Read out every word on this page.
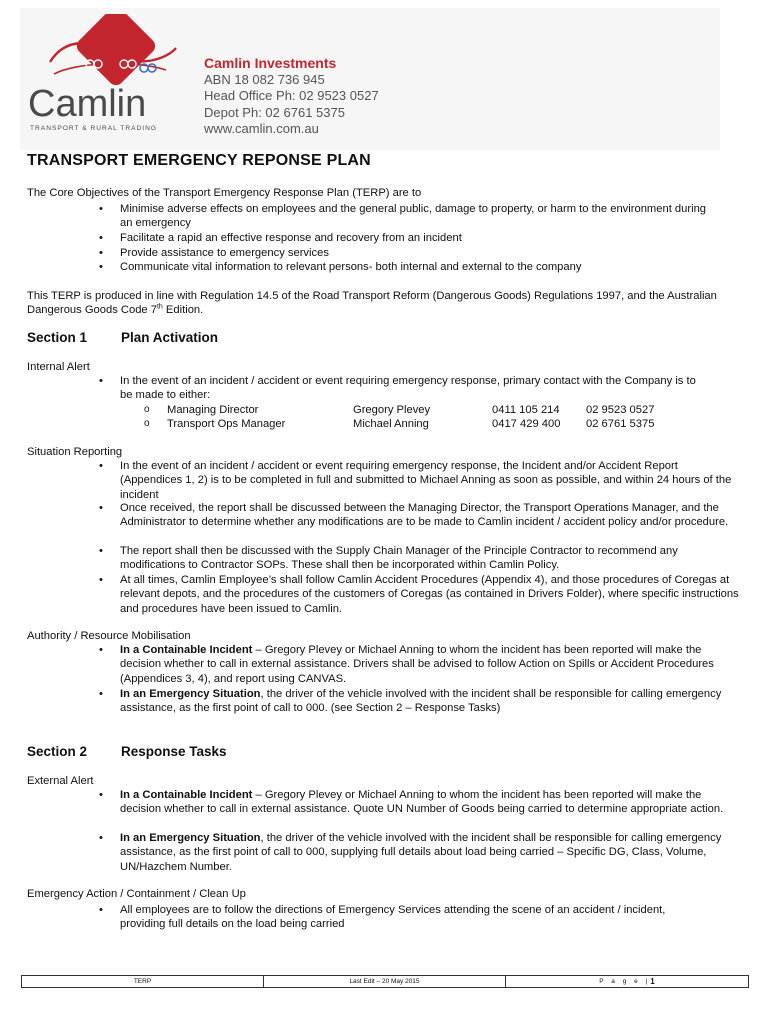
Camlin
TRANSPORT & RURAL TRADING
Camlin Investments
ABN 18 082 736 945
Head Office Ph: 02 9523 0527
Depot Ph: 02 6761 5375
www.camlin.com.au
TRANSPORT EMERGENCY REPONSE PLAN
The Core Objectives of the Transport Emergency Response Plan (TERP) are to
• Minimise adverse effects on employees and the general public, damage to property, or harm to the environment during an emergency
• Facilitate a rapid an effective response and recovery from an incident
• Provide assistance to emergency services
• Communicate vital information to relevant persons- both internal and external to the company
This TERP is produced in line with Regulation 14.5 of the Road Transport Reform (Dangerous Goods) Regulations 1997, and the Australian Dangerous Goods Code 7th Edition.
Section 1	Plan Activation
Internal Alert
• In the event of an incident / accident or event requiring emergency response, primary contact with the Company is to be made to either:
o Managing Director	Gregory Plevey	0411 105 214 02 9523 0527
o Transport Ops Manager	Michael Anning	0417 429 400 02 6761 5375
Situation Reporting
• In the event of an incident / accident or event requiring emergency response, the Incident and/or Accident Report (Appendices 1, 2) is to be completed in full and submitted to Michael Anning as soon as possible, and within 24 hours of the incident
• Once received, the report shall be discussed between the Managing Director, the Transport Operations Manager, and the Administrator to determine whether any modifications are to be made to Camlin incident / accident policy and/or procedure.
• The report shall then be discussed with the Supply Chain Manager of the Principle Contractor to recommend any modifications to Contractor SOPs. These shall then be incorporated within Camlin Policy.
• At all times, Camlin Employee’s shall follow Camlin Accident Procedures (Appendix 4), and those procedures of Coregas at relevant depots, and the procedures of the customers of Coregas (as contained in Drivers Folder), where specific instructions and procedures have been issued to Camlin.
Authority / Resource Mobilisation
• In a Containable Incident – Gregory Plevey or Michael Anning to whom the incident has been reported will make the decision whether to call in external assistance. Drivers shall be advised to follow Action on Spills or Accident Procedures (Appendices 3, 4), and report using CANVAS.
• In an Emergency Situation, the driver of the vehicle involved with the incident shall be responsible for calling emergency assistance, as the first point of call to 000. (see Section 2 – Response Tasks)
Section 2	Response Tasks
External Alert
• In a Containable Incident – Gregory Plevey or Michael Anning to whom the incident has been reported will make the decision whether to call in external assistance. Quote UN Number of Goods being carried to determine appropriate action.
• In an Emergency Situation, the driver of the vehicle involved with the incident shall be responsible for calling emergency assistance, as the first point of call to 000, supplying full details about load being carried – Specific DG, Class, Volume, UN/Hazchem Number.
Emergency Action / Containment / Clean Up
• All employees are to follow the directions of Emergency Services attending the scene of an accident / incident, providing full details on the load being carried
TERP	Last Edit – 20 May 2015	P a g e | 1
